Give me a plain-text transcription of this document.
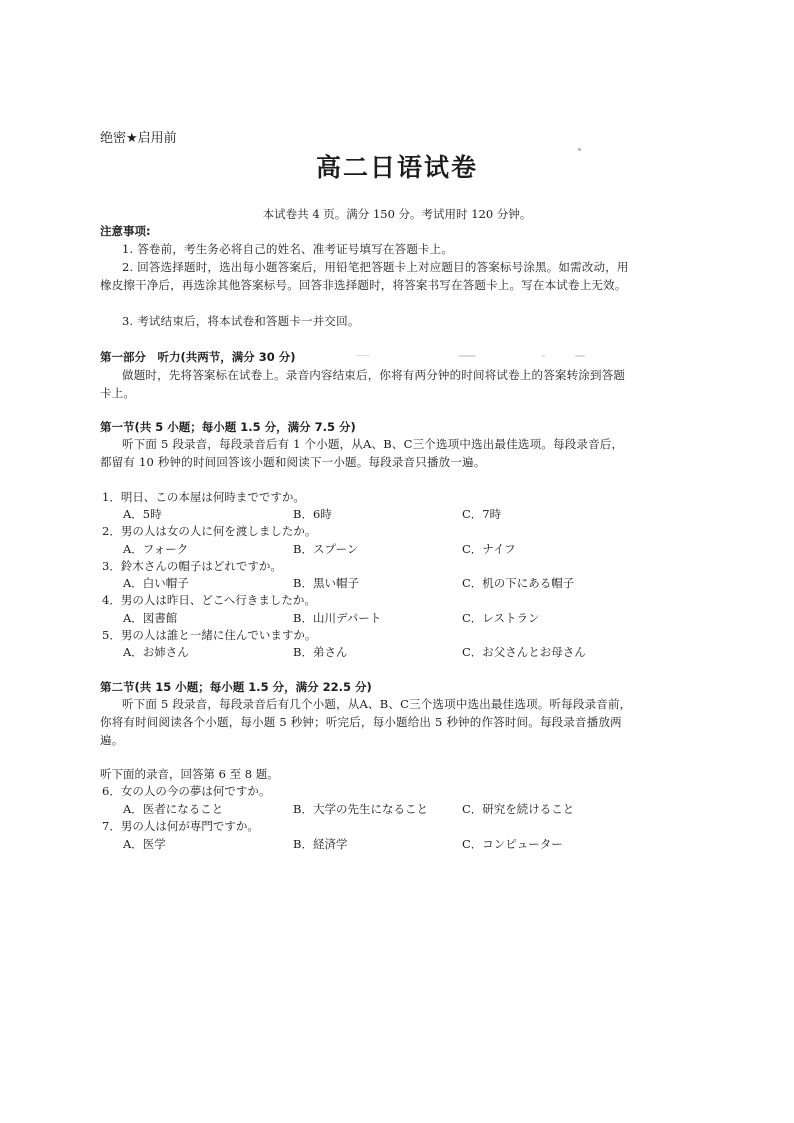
绝密★启用前
高二日语试卷
本试卷共 4 页。满分 150 分。考试用时 120 分钟。
注意事项:
1. 答卷前，考生务必将自己的姓名、准考证号填写在答题卡上。
2. 回答选择题时，选出每小题答案后，用铅笔把答题卡上对应题目的答案标号涂黑。如需改动，用橡皮擦干净后，再选涂其他答案标号。回答非选择题时，将答案书写在答题卡上。写在本试卷上无效。
3. 考试结束后，将本试卷和答题卡一并交回。
第一部分　听力(共两节，满分 30 分)
做题时，先将答案标在试卷上。录音内容结束后，你将有两分钟的时间将试卷上的答案转涂到答题卡上。
第一节(共 5 小题；每小题 1.5 分，满分 7.5 分)
听下面 5 段录音，每段录音后有 1 个小题，从A、B、C三个选项中选出最佳选项。每段录音后，都留有 10 秒钟的时间回答该小题和阅读下一小题。每段录音只播放一遍。
1．明日、この本屋は何時までですか。
A．5時	B．6時	C．7時
2．男の人は女の人に何を渡しましたか。
A．フォーク	B．スプーン	C．ナイフ
3．鈴木さんの帽子はどれですか。
A．白い帽子	B．黒い帽子	C．机の下にある帽子
4．男の人は昨日、どこへ行きましたか。
A．図書館	B．山川デパート	C．レストラン
5．男の人は誰と一緒に住んでいますか。
A．お姉さん	B．弟さん	C．お父さんとお母さん
第二节(共 15 小题；每小题 1.5 分，满分 22.5 分)
听下面 5 段录音，每段录音后有几个小题，从A、B、C三个选项中选出最佳选项。听每段录音前，你将有时间阅读各个小题，每小题 5 秒钟；听完后，每小题给出 5 秒钟的作答时间。每段录音播放两遍。
听下面的录音，回答第 6 至 8 题。
6．女の人の今の夢は何ですか。
A．医者になること	B．大学の先生になること	C．研究を続けること
7．男の人は何が専門ですか。
A．医学	B．経済学	C．コンピューター
